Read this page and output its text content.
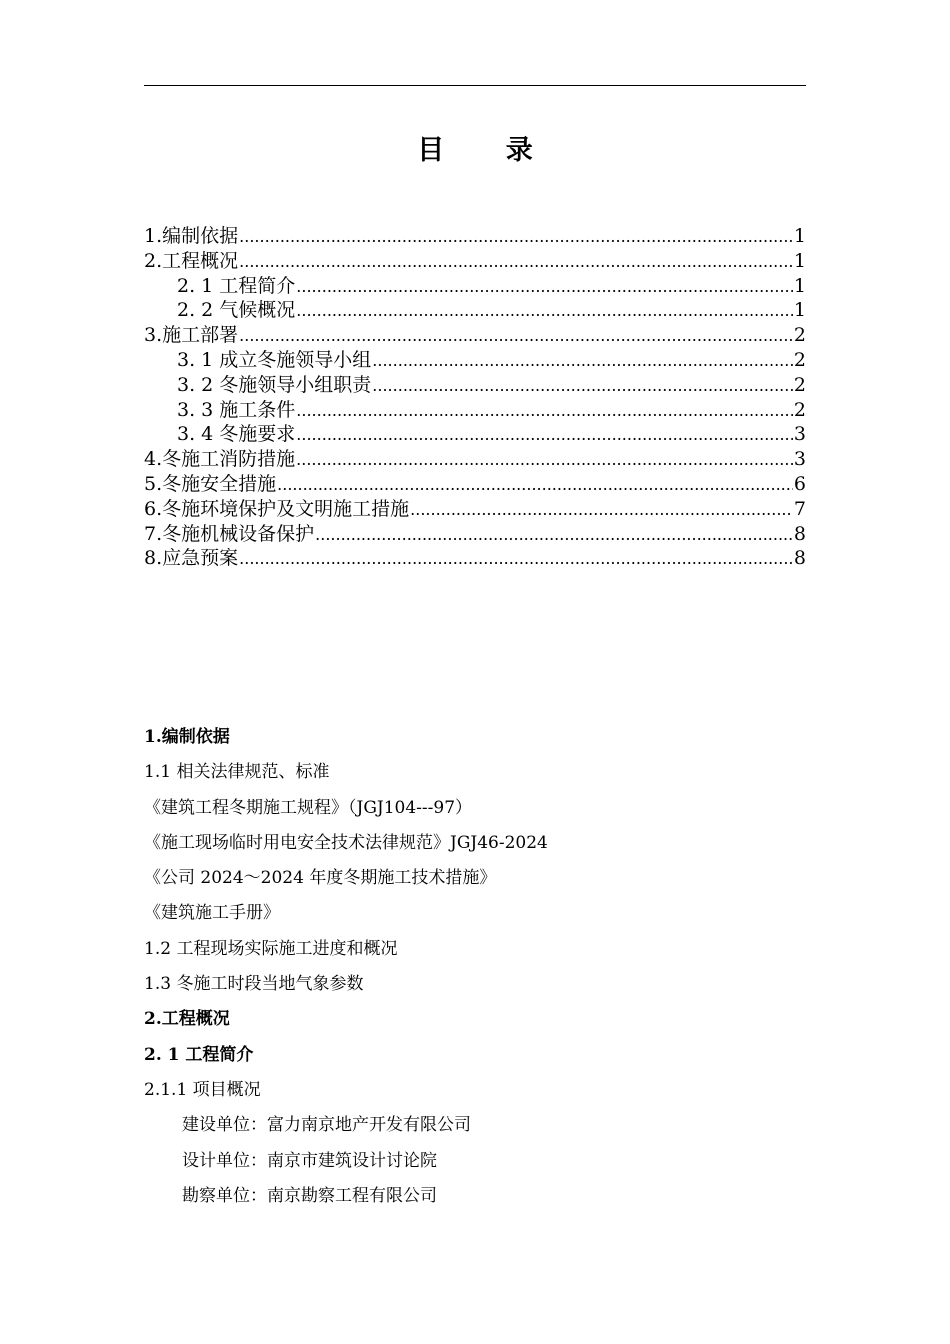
目 录
1.编制依据 .....	1
2.工程概况 .....	1
2. 1 工程简介 .....	1
2. 2 气候概况 .....	1
3.施工部署 .....	2
3. 1 成立冬施领导小组 .....	2
3. 2 冬施领导小组职责 .....	2
3. 3 施工条件 .....	2
3. 4 冬施要求 .....	3
4.冬施工消防措施 .....	3
5.冬施安全措施 .....	6
6.冬施环境保护及文明施工措施 .....	7
7.冬施机械设备保护 .....	8
8.应急预案 .....	8
1.编制依据
1.1 相关法律规范、标准
《建筑工程冬期施工规程》（JGJ104---97）
《施工现场临时用电安全技术法律规范》JGJ46-2024
《公司 2024～2024 年度冬期施工技术措施》
《建筑施工手册》
1.2 工程现场实际施工进度和概况
1.3 冬施工时段当地气象参数
2.工程概况
2. 1 工程简介
2.1.1 项目概况
建设单位：富力南京地产开发有限公司
设计单位：南京市建筑设计讨论院
勘察单位：南京勘察工程有限公司
